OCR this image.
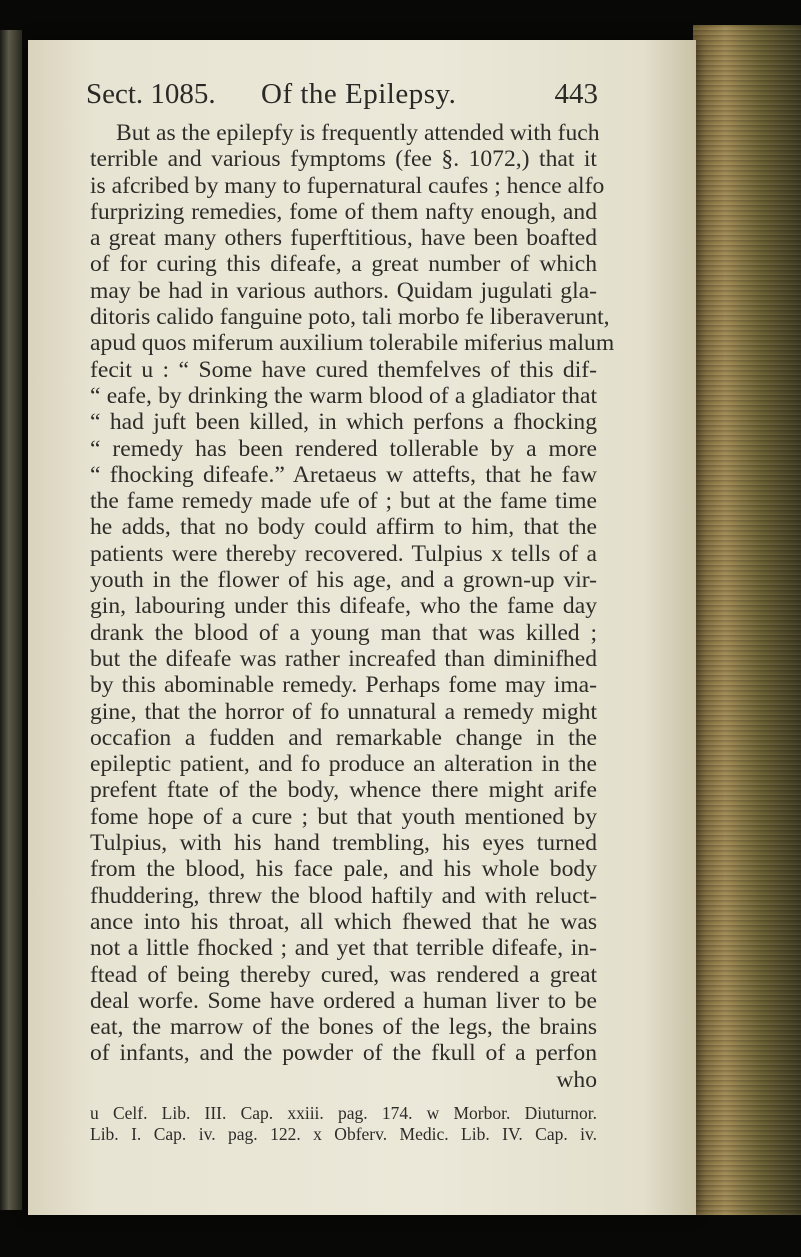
Sect. 1085. Of the Epilepsy.	443
But as the epilepfy is frequently attended with fuch
terrible and various fymptoms (fee §. 1072,) that it
is afcribed by many to fupernatural caufes ; hence alfo
furprizing remedies, fome of them nafty enough, and
a great many others fuperftitious, have been boafted
of for curing this difeafe, a great number of which
may be had in various authors. Quidam jugulati gla-
ditoris calido fanguine poto, tali morbo fe liberaverunt,
apud quos miferum auxilium tolerabile miferius malum
fecit u : “ Some have cured themfelves of this dif-
“ eafe, by drinking the warm blood of a gladiator that
“ had juft been killed, in which perfons a fhocking
“ remedy has been rendered tollerable by a more
“ fhocking difeafe.” Aretaeus w attefts, that he faw
the fame remedy made ufe of ; but at the fame time
he adds, that no body could affirm to him, that the
patients were thereby recovered. Tulpius x tells of a
youth in the flower of his age, and a grown-up vir-
gin, labouring under this difeafe, who the fame day
drank the blood of a young man that was killed ;
but the difeafe was rather increafed than diminifhed
by this abominable remedy. Perhaps fome may ima-
gine, that the horror of fo unnatural a remedy might
occafion a fudden and remarkable change in the
epileptic patient, and fo produce an alteration in the
prefent ftate of the body, whence there might arife
fome hope of a cure ; but that youth mentioned by
Tulpius, with his hand trembling, his eyes turned
from the blood, his face pale, and his whole body
fhuddering, threw the blood haftily and with reluct-
ance into his throat, all which fhewed that he was
not a little fhocked ; and yet that terrible difeafe, in-
ftead of being thereby cured, was rendered a great
deal worfe. Some have ordered a human liver to be
eat, the marrow of the bones of the legs, the brains
of infants, and the powder of the fkull of a perfon
who
u Celf. Lib. III. Cap. xxiii. pag. 174. w Morbor. Diuturnor.
Lib. I. Cap. iv. pag. 122. x Obferv. Medic. Lib. IV. Cap. iv.
